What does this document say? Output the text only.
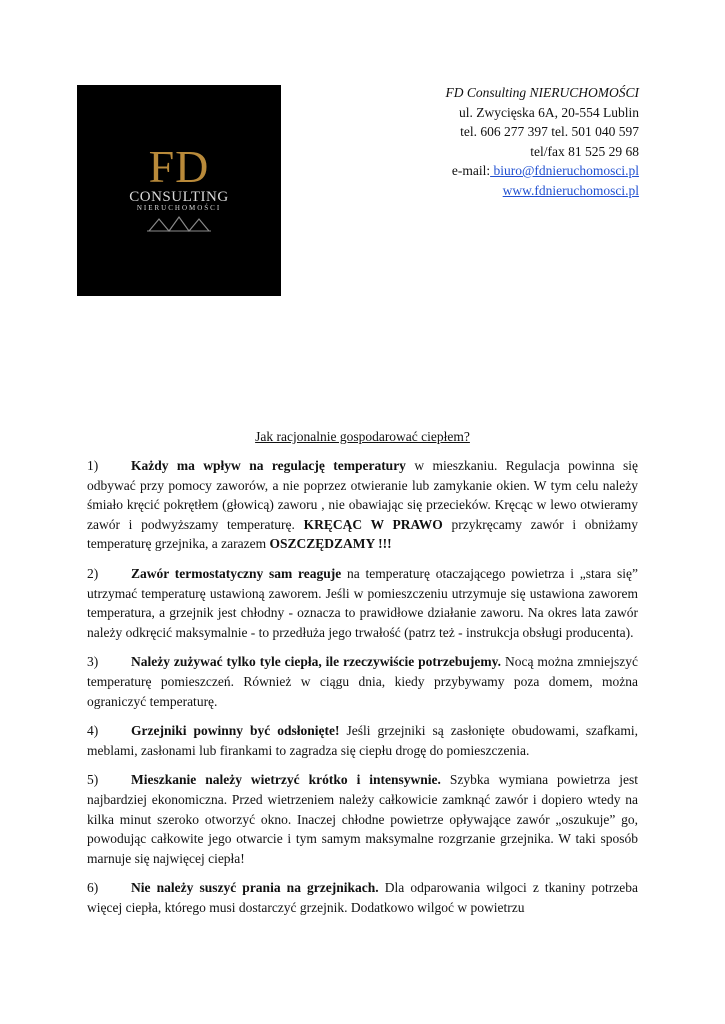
FD
CONSULTING
NIERUCHOMOŚCI
FD Consulting NIERUCHOMOŚCI
ul. Zwycięska 6A, 20-554 Lublin
tel. 606 277 397 tel. 501 040 597
tel/fax 81 525 29 68
e-mail: biuro@fdnieruchomosci.pl
www.fdnieruchomosci.pl
Jak racjonalnie gospodarować ciepłem?

1) Każdy ma wpływ na regulację temperatury w mieszkaniu. Regulacja powinna się odbywać przy pomocy zaworów, a nie poprzez otwieranie lub zamykanie okien. W tym celu należy śmiało kręcić pokrętłem (głowicą) zaworu , nie obawiając się przecieków. Kręcąc w lewo otwieramy zawór i podwyższamy temperaturę. KRĘCĄC W PRAWO przykręcamy zawór i obniżamy temperaturę grzejnika, a zarazem OSZCZĘDZAMY !!!

2) Zawór termostatyczny sam reaguje na temperaturę otaczającego powietrza i „stara się” utrzymać temperaturę ustawioną zaworem. Jeśli w pomieszczeniu utrzymuje się ustawiona zaworem temperatura, a grzejnik jest chłodny - oznacza to prawidłowe działanie zaworu. Na okres lata zawór należy odkręcić maksymalnie - to przedłuża jego trwałość (patrz też - instrukcja obsługi producenta).

3) Należy zużywać tylko tyle ciepła, ile rzeczywiście potrzebujemy. Nocą można zmniejszyć temperaturę pomieszczeń. Również w ciągu dnia, kiedy przybywamy poza domem, można ograniczyć temperaturę.

4) Grzejniki powinny być odsłonięte! Jeśli grzejniki są zasłonięte obudowami, szafkami, meblami, zasłonami lub firankami to zagradza się ciepłu drogę do pomieszczenia.

5) Mieszkanie należy wietrzyć krótko i intensywnie. Szybka wymiana powietrza jest najbardziej ekonomiczna. Przed wietrzeniem należy całkowicie zamknąć zawór i dopiero wtedy na kilka minut szeroko otworzyć okno. Inaczej chłodne powietrze opływające zawór „oszukuje” go, powodując całkowite jego otwarcie i tym samym maksymalne rozgrzanie grzejnika. W taki sposób marnuje się najwięcej ciepła!

6) Nie należy suszyć prania na grzejnikach. Dla odparowania wilgoci z tkaniny potrzeba więcej ciepła, którego musi dostarczyć grzejnik. Dodatkowo wilgoć w powietrzu
